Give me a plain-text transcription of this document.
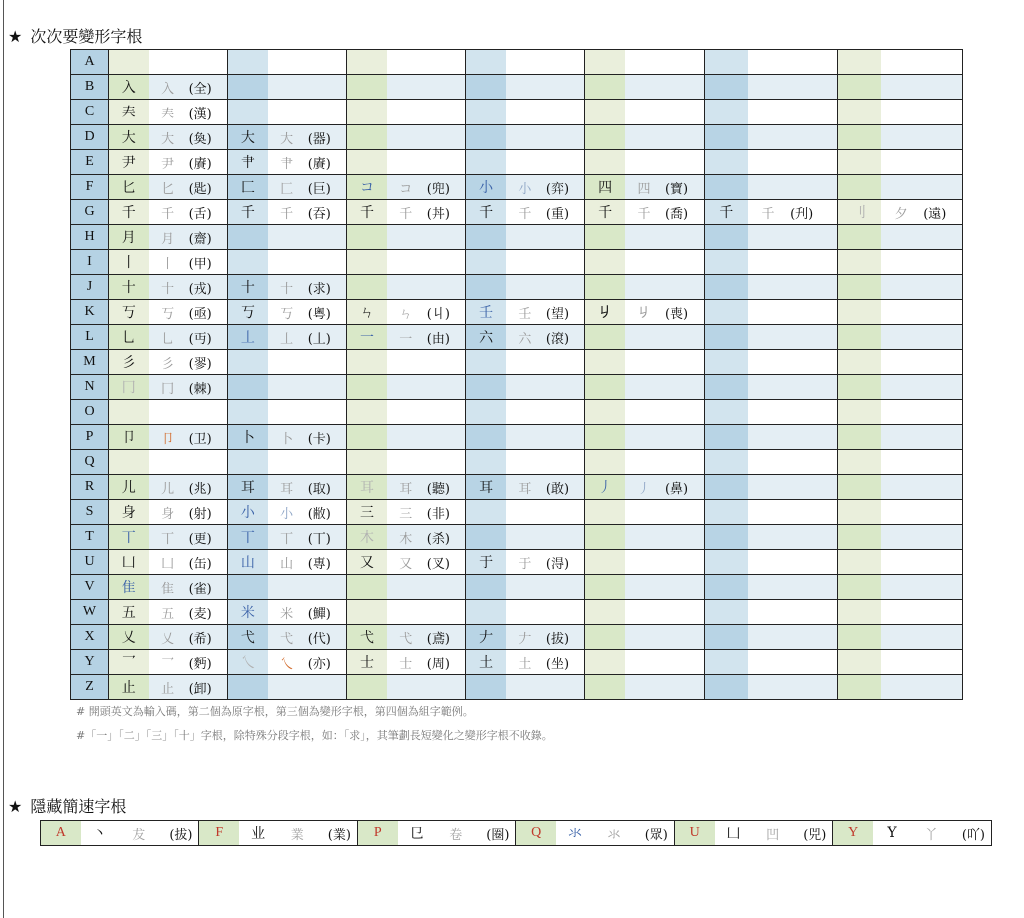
★ 次次要變形字根
A																					
B	入	入	(全)																		
C	𡗗	𡗗	(漢)																		
D	大	大	(奐)	大	大	(器)															
E	尹	尹	(賡)	肀	肀	(賡)															
F	匕	匕	(匙)	匚	匚	(巨)	コ	コ	(兜)	小	小	(弈)	四	四	(寶)						
G	千	千	(舌)	千	千	(吞)	千	千	(丼)	千	千	(重)	千	千	(喬)	千	千	(刋)	刂	夕	(遠)
H	月	月	(齋)																		
I	丨	丨	(甲)																		
J	十	十	(戎)	十	十	(求)															
K	丂	丂	(亟)	丂	丂	(粵)	ㄣ	ㄣ	(丩)	壬	壬	(望)	𠂈	𠂈	(喪)						
L	乚	乚	(丏)	丄	丄	(丄)	一	一	(由)	六	六	(滾)									
M	彡	彡	(翏)																		
N	冂	冂	(棘)																		
O																					
P	卩	卩	(卫)	卜	卜	(卡)															
Q																					
R	儿	儿	(兆)	耳	耳	(取)	耳	耳	(聽)	耳	耳	(敢)	丿	丿	(鼻)						
S	身	身	(射)	小	小	(敝)	三	三	(非)												
T	丅	丅	(更)	丅	丅	(丅)	木	木	(杀)												
U	凵	凵	(缶)	山	山	(專)	又	又	(叉)	于	于	(淂)									
V	隹	隹	(雀)																		
W	五	五	(麦)	米	米	(鱓)															
X	乂	乂	(希)	弋	弋	(代)	弋	弋	(鳶)	𠂇	𠂇	(拔)									
Y	乛	乛	(麪)	乀	乀	(亦)	士	士	(周)	土	土	(坐)									
Z	止	止	(卸)																		
# 開頭英文為輸入碼，第二個為原字根，第三個為變形字根，第四個為組字範例。
#「一」「二」「三」「十」字根，除特殊分段字根，如：「求」，其筆劃長短變化之變形字根不收錄。
★ 隱藏簡速字根
A	丶	犮	(拔)	F	业	業	(業)	P	㔾	卷	(圈)	Q	氺	氺	(眾)	U	凵	凹	(兕)	Y	Y	丫	(吖)
